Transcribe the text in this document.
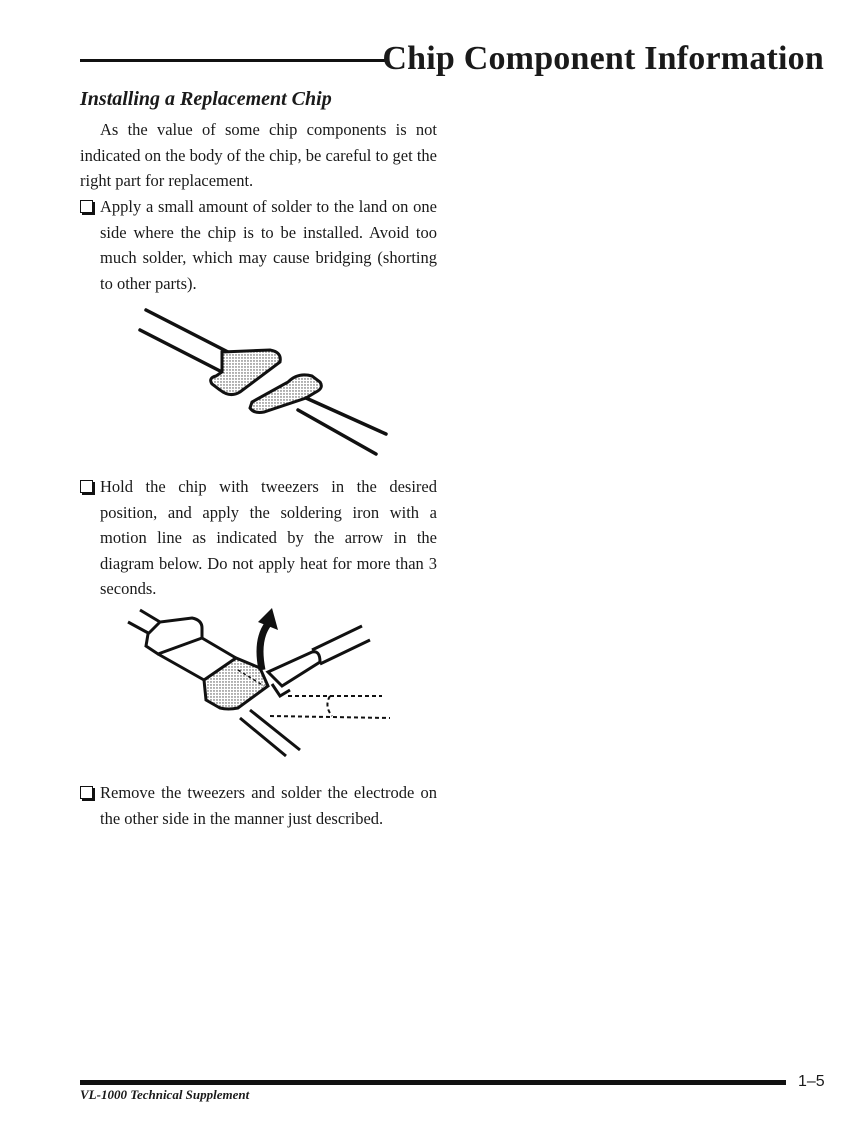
Chip Component Information
Installing a Replacement Chip

As the value of some chip components is not indicated on the body of the chip, be careful to get the right part for replacement.

Apply a small amount of solder to the land on one side where the chip is to be installed. Avoid too much solder, which may cause bridging (shorting to other parts).

Hold the chip with tweezers in the desired position, and apply the soldering iron with a motion line as indicated by the arrow in the diagram below. Do not apply heat for more than 3 seconds.

Remove the tweezers and solder the electrode on the other side in the manner just described.

VL-1000 Technical Supplement

1–5
